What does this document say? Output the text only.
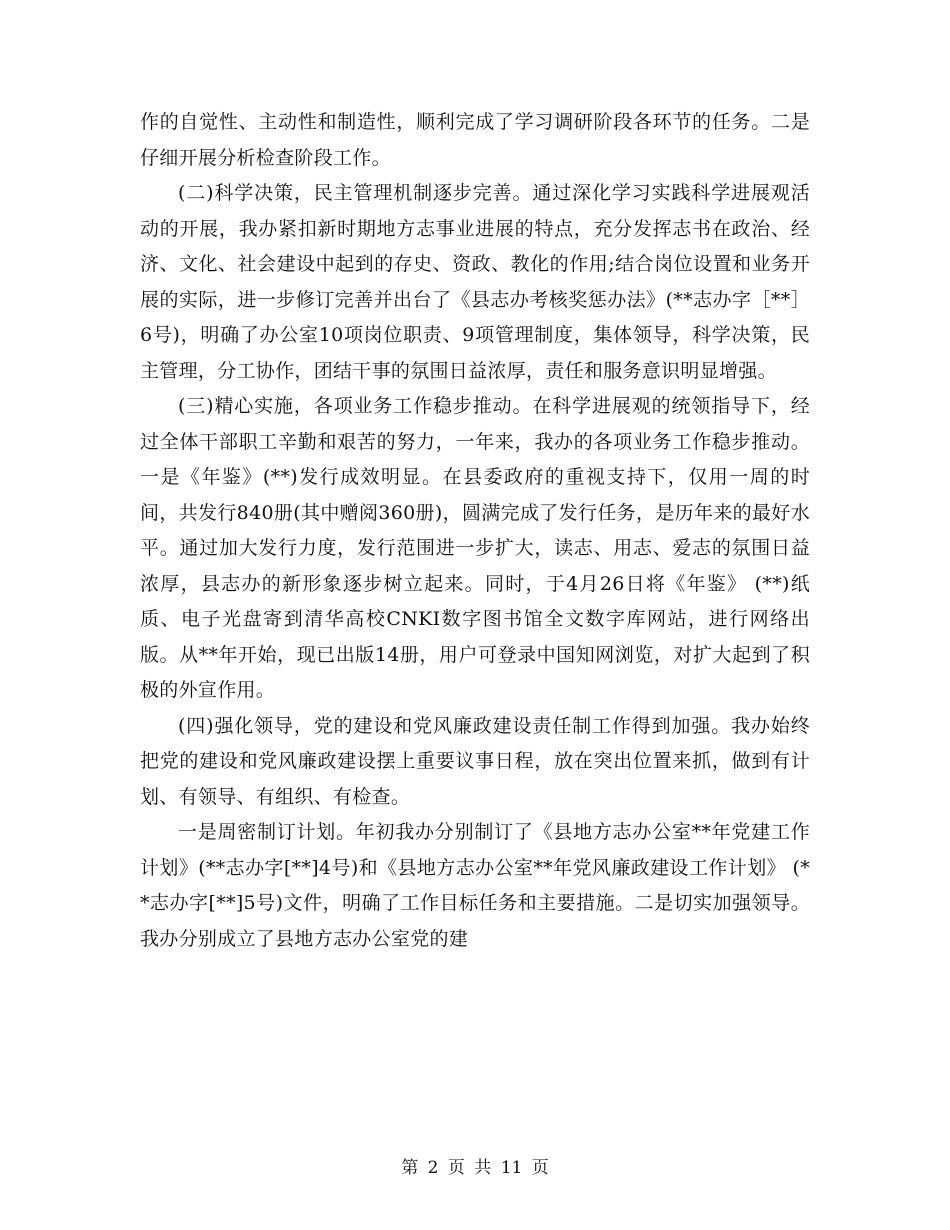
作的自觉性、主动性和制造性，顺利完成了学习调研阶段各环节的任务。二是仔细开展分析检查阶段工作。

(二)科学决策，民主管理机制逐步完善。通过深化学习实践科学进展观活动的开展，我办紧扣新时期地方志事业进展的特点，充分发挥志书在政治、经济、文化、社会建设中起到的存史、资政、教化的作用;结合岗位设置和业务开展的实际，进一步修订完善并出台了《县志办考核奖惩办法》(**志办字［**］6号)，明确了办公室10项岗位职责、9项管理制度，集体领导，科学决策，民主管理，分工协作，团结干事的氛围日益浓厚，责任和服务意识明显增强。

(三)精心实施，各项业务工作稳步推动。在科学进展观的统领指导下，经过全体干部职工辛勤和艰苦的努力，一年来，我办的各项业务工作稳步推动。一是《年鉴》(**)发行成效明显。在县委政府的重视支持下，仅用一周的时间，共发行840册(其中赠阅360册)，圆满完成了发行任务，是历年来的最好水平。通过加大发行力度，发行范围进一步扩大，读志、用志、爱志的氛围日益浓厚，县志办的新形象逐步树立起来。同时，于4月26日将《年鉴》 (**)纸质、电子光盘寄到清华高校CNKI数字图书馆全文数字库网站，进行网络出版。从**年开始，现已出版14册，用户可登录中国知网浏览，对扩大起到了积极的外宣作用。

(四)强化领导，党的建设和党风廉政建设责任制工作得到加强。我办始终把党的建设和党风廉政建设摆上重要议事日程，放在突出位置来抓，做到有计划、有领导、有组织、有检查。

一是周密制订计划。年初我办分别制订了《县地方志办公室**年党建工作计划》(**志办字[**]4号)和《县地方志办公室**年党风廉政建设工作计划》 (**志办字[**]5号)文件，明确了工作目标任务和主要措施。二是切实加强领导。我办分别成立了县地方志办公室党的建

第 2 页 共 11 页
